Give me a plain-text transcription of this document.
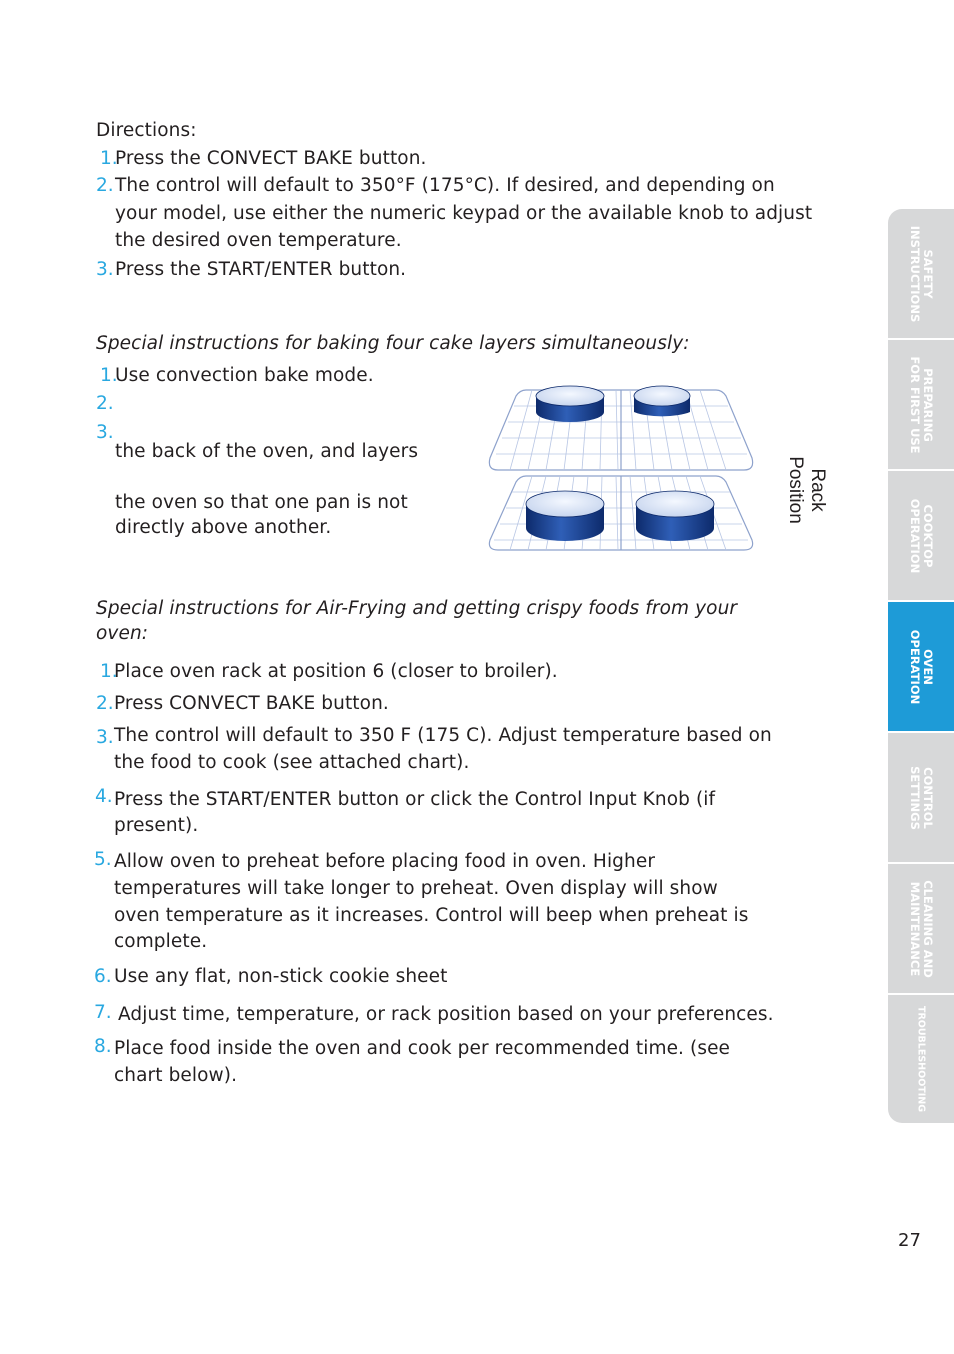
Directions:
1.
Press the CONVECT BAKE button.
2. The control will default to 350°F (175°C). If desired, and depending on
your model, use either the numeric keypad or the available knob to adjust
the desired oven temperature.
3. Press the START/ENTER button.
Special instructions for baking four cake layers simultaneously:
1.
Use convection bake mode.
2.
3.
the back of the oven, and layers
the oven so that one pan is not
directly above another.
Rack
Position
Special instructions for Air-Frying and getting crispy foods from your
oven:
1.
Place oven rack at position 6 (closer to broiler).
2. Press CONVECT BAKE button.
3. The control will default to 350 F (175 C). Adjust temperature based on
the food to cook (see attached chart).
4. Press the START/ENTER button or click the Control Input Knob (if
present).
5. Allow oven to preheat before placing food in oven. Higher
temperatures will take longer to preheat. Oven display will show
oven temperature as it increases. Control will beep when preheat is
complete.
6. Use any flat, non-stick cookie sheet
7. Adjust time, temperature, or rack position based on your preferences.
8. Place food inside the oven and cook per recommended time. (see
chart below).
SAFETY
INSTRUCTIONS
PREPARING
FOR FIRST USE
COOKTOP
OPERATION
OVEN
OPERATION
CONTROL
SETTINGS
CLEANING AND
MAINTENANCE
TROUBLESHOOTING
27
